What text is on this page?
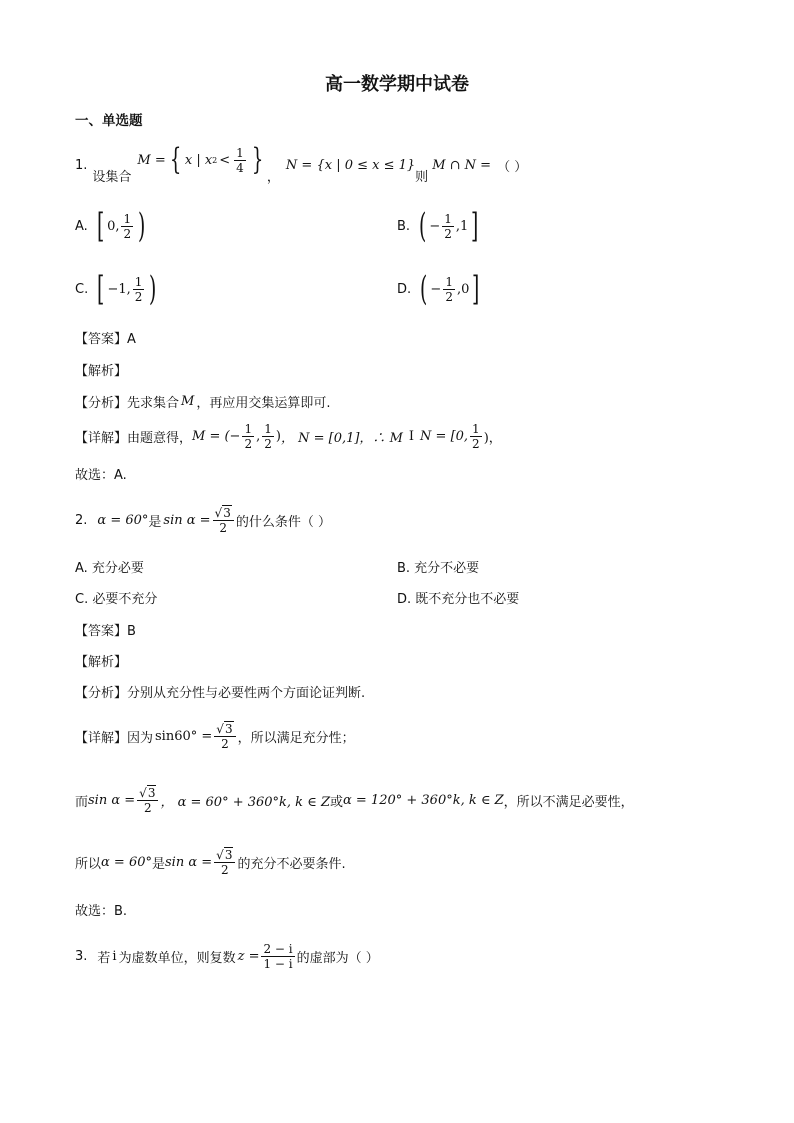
高一数学期中试卷
一、单选题
1.
设集合
M = { x | x $2 < \frac{1}{4}$ }
，
N = {x | 0 ≤ x ≤ 1}
则
M ∩ N = （ ）
A. [ 0, $\frac{1}{2}$ )	B. ( − $\frac{1}{2} ,1$ ]
C. [ −1, $\frac{1}{2}$ )	D. ( − $\frac{1}{2} ,0$ ]
【答案】A
【解析】
【分析】先求集合 M ，再应用交集运算即可.
【详解】由题意得， M = (− $\frac{1}{2}$ , $\frac{1}{2}$ ) ， N = [0,1]，∴ M I N = [0, $\frac{1}{2}$ )，
故选：A.
2. α = 60° 是 $\sin \alpha = \frac{√3}{2}$ 的什么条件（ ）
A. 充分必要	B. 充分不必要
C. 必要不充分	D. 既不充分也不必要
【答案】B
【解析】
【分析】分别从充分性与必要性两个方面论证判断.
【详解】因为 $\sin 60^\circ = \frac{√3}{2}$ ，所以满足充分性；
而 $\sin \alpha = \frac{√3}{2}$ ， α = 60° + 360°k, k ∈ Z 或 α = 120° + 360°k, k ∈ Z ，所以不满足必要性，
所以 α = 60° 是 $\sin \alpha = \frac{√3}{2}$ 的充分不必要条件.
故选：B.
3. 若 i 为虚数单位，则复数 $z = \frac{2 - i}{1 - i}$ 的虚部为（ ）
